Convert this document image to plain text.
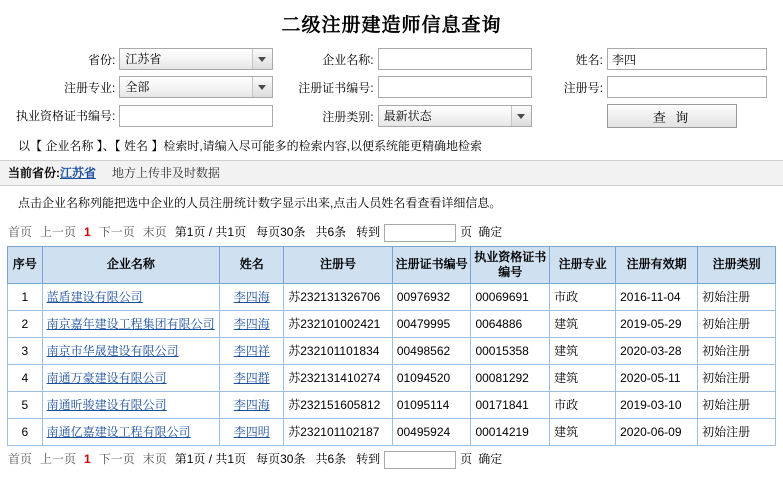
二级注册建造师信息查询
省份:	江苏省	企业名称:		姓名:	李四
注册专业:	全部	注册证书编号:		注册号:	
执业资格证书编号:		注册类别:	最新状态		查 询
以【 企业名称 】、【 姓名 】检索时,请编入尽可能多的检索内容,以便系统能更精确地检索
当前省份:江苏省 地方上传非及时数据
点击企业名称列能把选中企业的人员注册统计数字显示出来,点击人员姓名看查看详细信息。
首页 上一页 1 下一页 末页 第1页 / 共1页 每页30条 共6条 转到	页 确定
序号	企业名称	姓名	注册号	注册证书编号	执业资格证书编号	注册专业	注册有效期	注册类别
1	蓝盾建设有限公司	李四海	苏232131326706	00976932	00069691	市政	2016-11-04	初始注册
2	南京嘉年建设工程集团有限公司	李四海	苏232101002421	00479995	0064886	建筑	2019-05-29	初始注册
3	南京市华晟建设有限公司	李四祥	苏232101101834	00498562	00015358	建筑	2020-03-28	初始注册
4	南通万豪建设有限公司	李四群	苏232131410274	01094520	00081292	建筑	2020-05-11	初始注册
5	南通昕骏建设有限公司	李四海	苏232151605812	01095114	00171841	市政	2019-03-10	初始注册
6	南通亿嘉建设工程有限公司	李四明	苏232101102187	00495924	00014219	建筑	2020-06-09	初始注册
首页 上一页 1 下一页 末页 第1页 / 共1页 每页30条 共6条 转到	页 确定
